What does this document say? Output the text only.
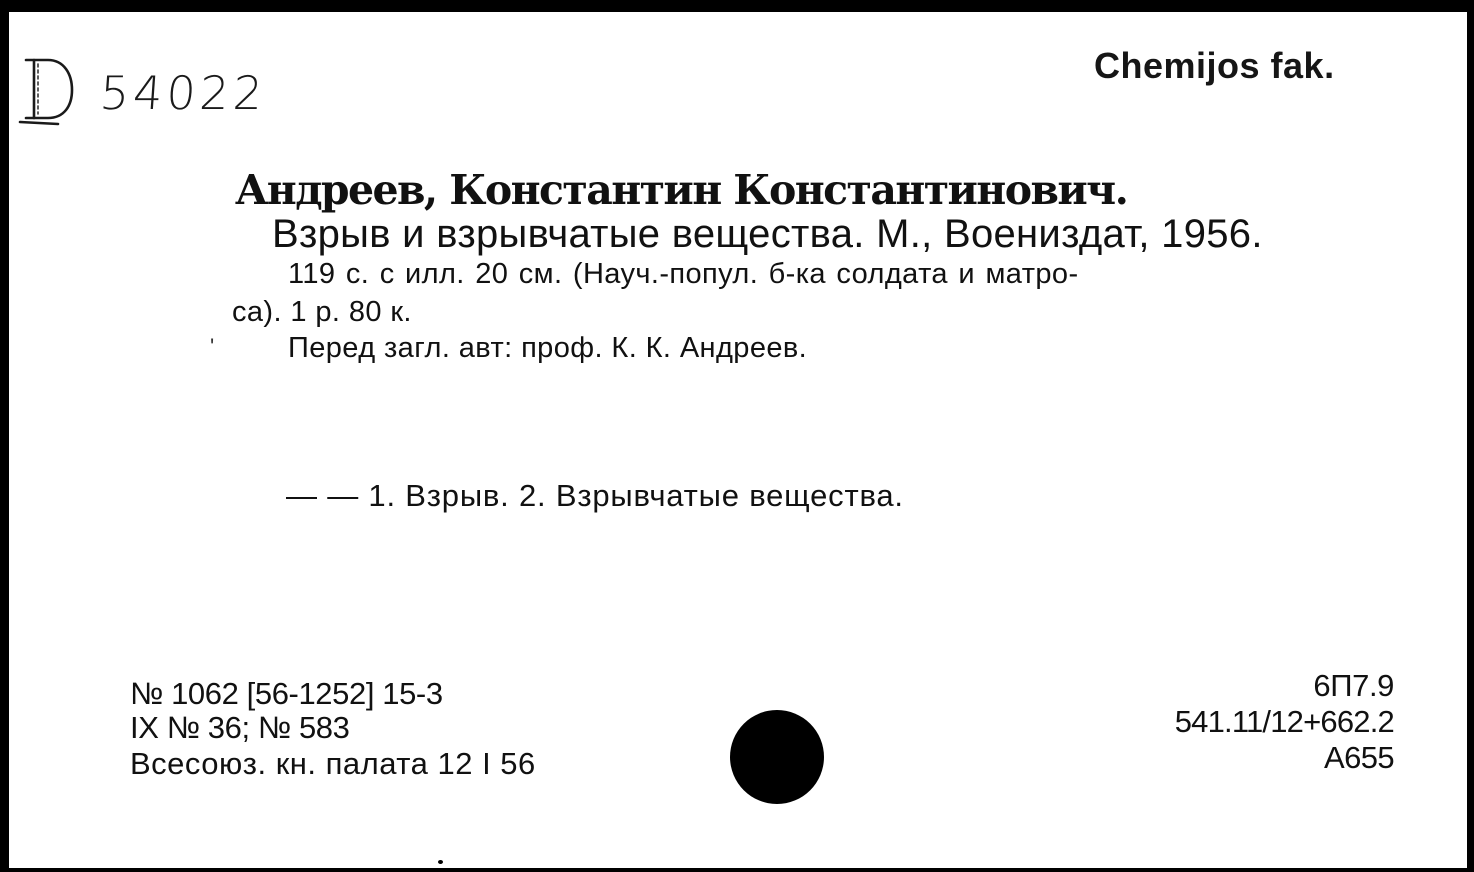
54022
Chemijos fak.
Андреев, Константин Константинович.
Взрыв и взрывчатые вещества. М., Воениздат, 1956.
119 с. с илл. 20 см. (Науч.-попул. б-ка солдата и матро-
са). 1 р. 80 к.
'	Перед загл. авт: проф. К. К. Андреев.
— — 1. Взрыв. 2. Взрывчатые вещества.
№ 1062 [56-1252] 15-3
IX № 36; № 583
Всесоюз. кн. палата 12 I 56
6П7.9
541.11/12+662.2
А655
